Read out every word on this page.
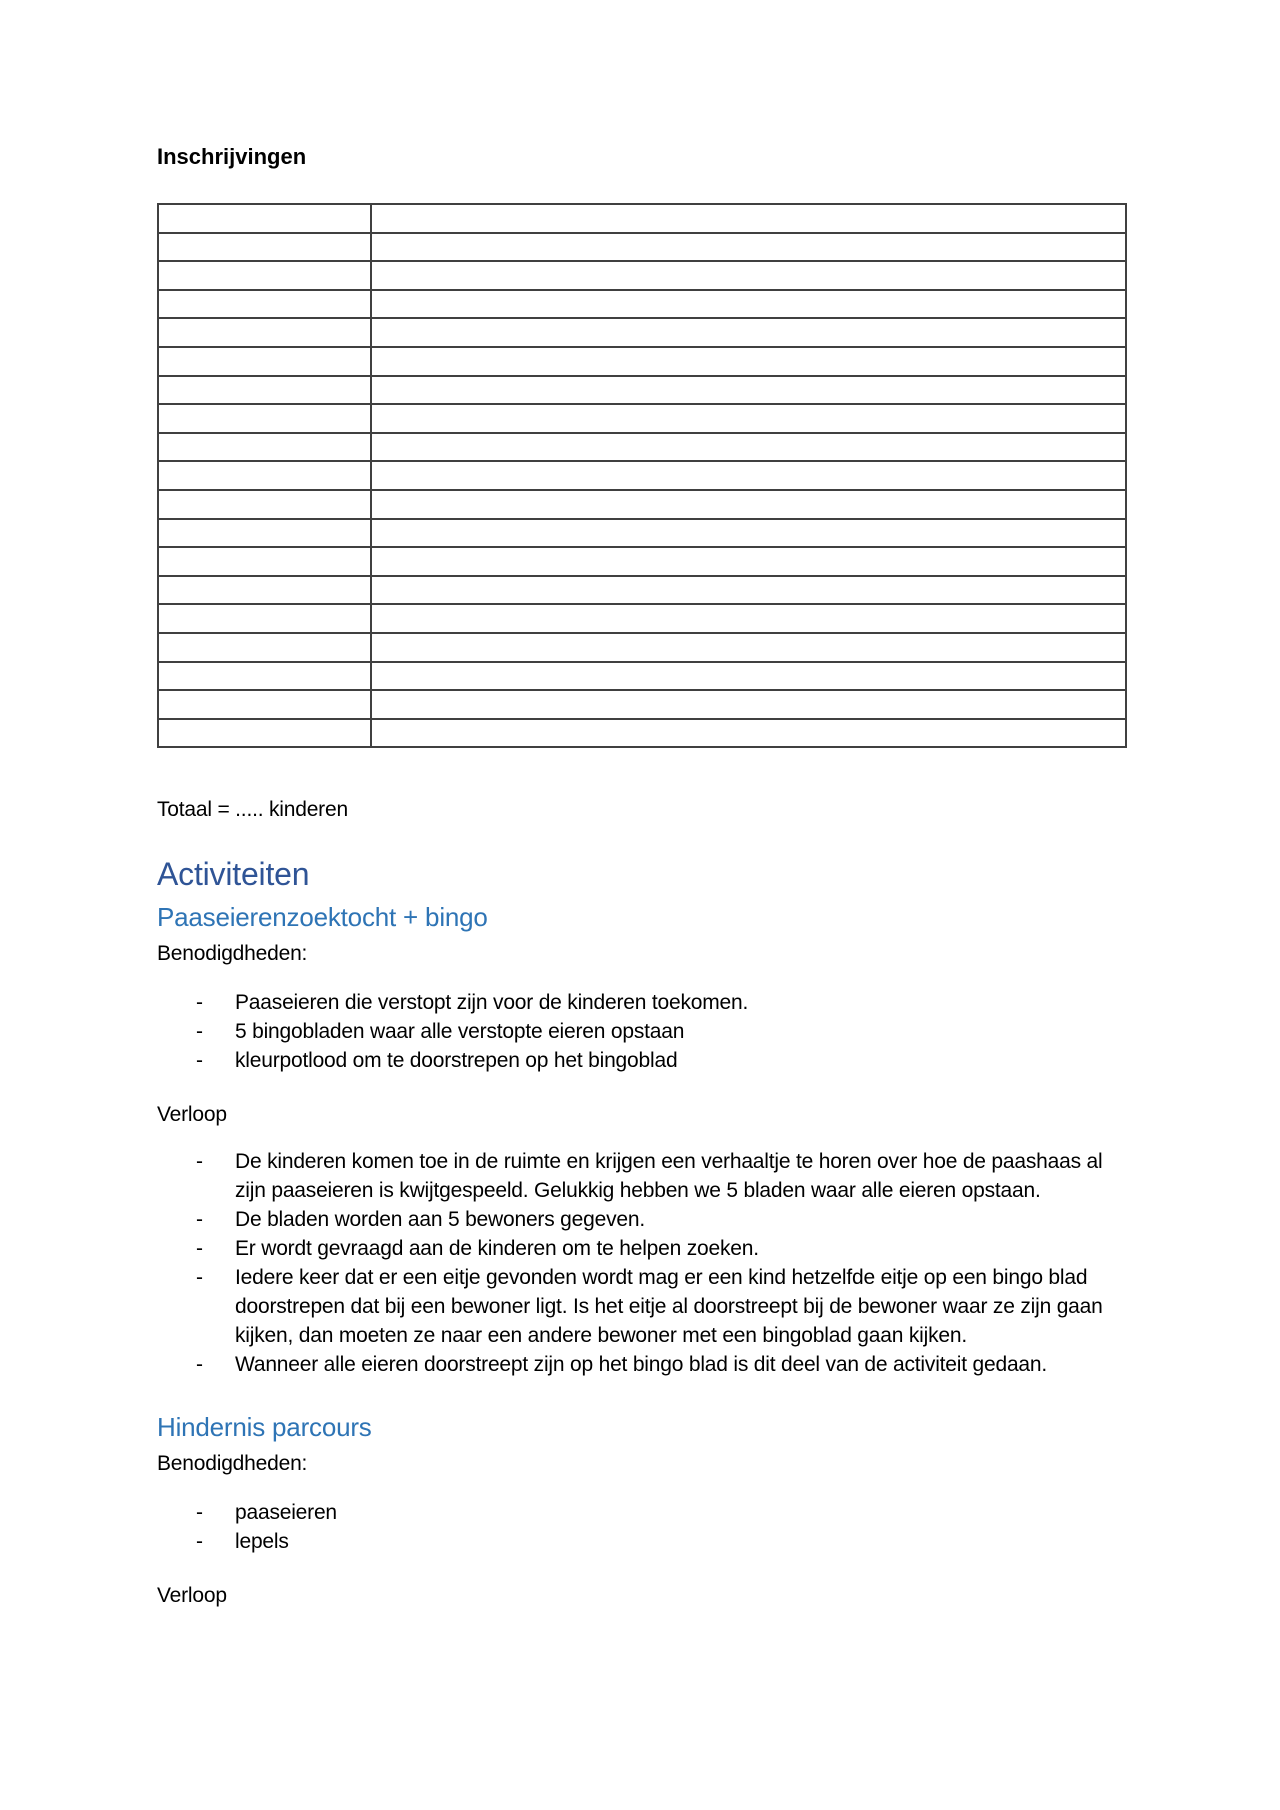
Inschrijvingen

Totaal = ..... kinderen

Activiteiten
Paaseierenzoektocht + bingo

Benodigdheden:

-	Paaseieren die verstopt zijn voor de kinderen toekomen.
-	5 bingobladen waar alle verstopte eieren opstaan
-	kleurpotlood om te doorstrepen op het bingoblad

Verloop

-	De kinderen komen toe in de ruimte en krijgen een verhaaltje te horen over hoe de paashaas al zijn paaseieren is kwijtgespeeld. Gelukkig hebben we 5 bladen waar alle eieren opstaan.
-	De bladen worden aan 5 bewoners gegeven.
-	Er wordt gevraagd aan de kinderen om te helpen zoeken.
-	Iedere keer dat er een eitje gevonden wordt mag er een kind hetzelfde eitje op een bingo blad doorstrepen dat bij een bewoner ligt. Is het eitje al doorstreept bij de bewoner waar ze zijn gaan kijken, dan moeten ze naar een andere bewoner met een bingoblad gaan kijken.
-	Wanneer alle eieren doorstreept zijn op het bingo blad is dit deel van de activiteit gedaan.
Hindernis parcours

Benodigdheden:

-	paaseieren
-	lepels

Verloop
